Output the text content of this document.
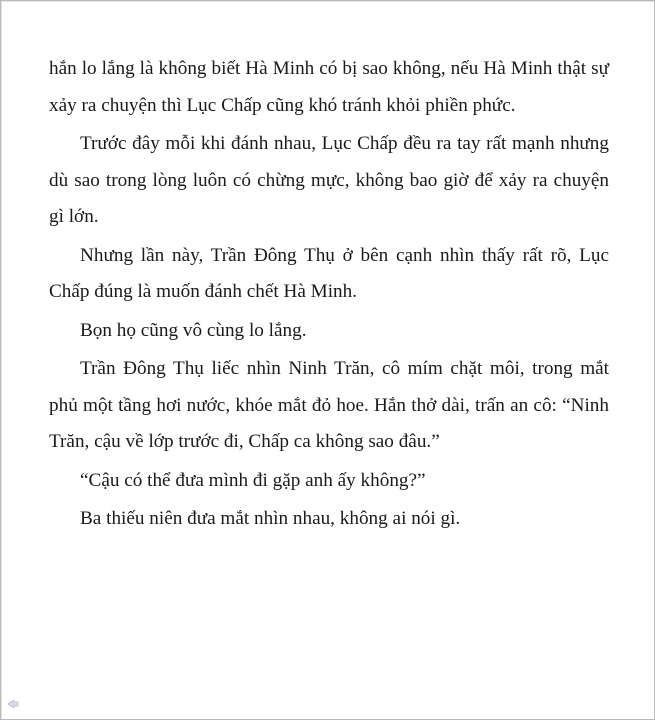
hắn lo lắng là không biết Hà Minh có bị sao không, nếu Hà Minh thật sự xảy ra chuyện thì Lục Chấp cũng khó tránh khỏi phiền phức.

Trước đây mỗi khi đánh nhau, Lục Chấp đều ra tay rất mạnh nhưng dù sao trong lòng luôn có chừng mực, không bao giờ để xảy ra chuyện gì lớn.

Nhưng lần này, Trần Đông Thụ ở bên cạnh nhìn thấy rất rõ, Lục Chấp đúng là muốn đánh chết Hà Minh.

Bọn họ cũng vô cùng lo lắng.

Trần Đông Thụ liếc nhìn Ninh Trăn, cô mím chặt môi, trong mắt phủ một tầng hơi nước, khóe mắt đỏ hoe. Hắn thở dài, trấn an cô: “Ninh Trăn, cậu về lớp trước đi, Chấp ca không sao đâu.”

“Cậu có thể đưa mình đi gặp anh ấy không?”

Ba thiếu niên đưa mắt nhìn nhau, không ai nói gì.
